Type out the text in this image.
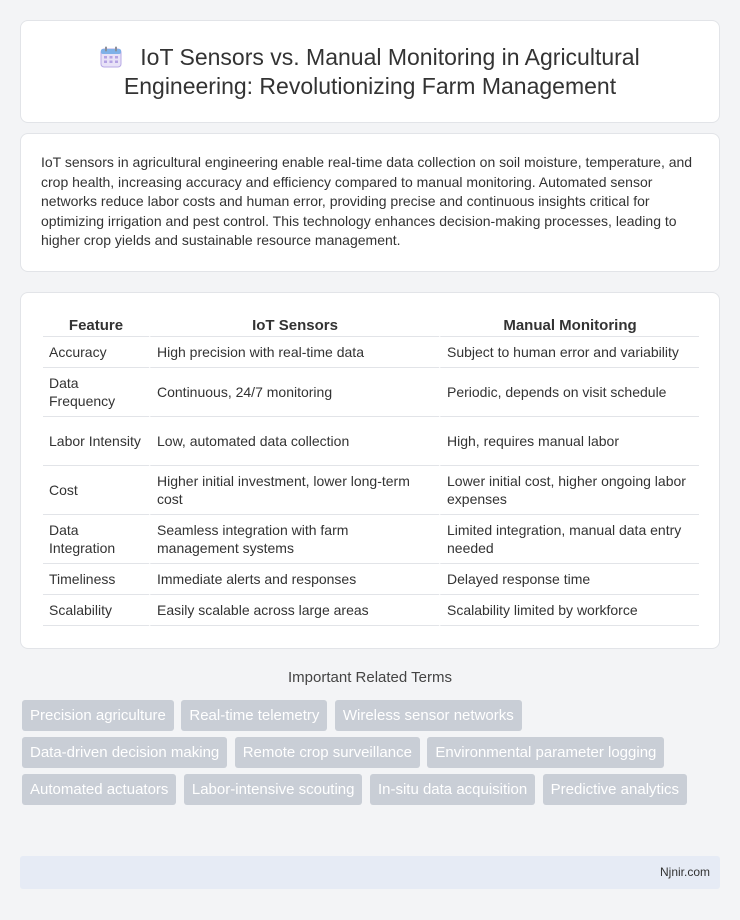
IoT Sensors vs. Manual Monitoring in Agricultural Engineering: Revolutionizing Farm Management

IoT sensors in agricultural engineering enable real-time data collection on soil moisture, temperature, and crop health, increasing accuracy and efficiency compared to manual monitoring. Automated sensor networks reduce labor costs and human error, providing precise and continuous insights critical for optimizing irrigation and pest control. This technology enhances decision-making processes, leading to higher crop yields and sustainable resource management.

Feature	IoT Sensors	Manual Monitoring
Accuracy	High precision with real-time data	Subject to human error and variability
Data Frequency	Continuous, 24/7 monitoring	Periodic, depends on visit schedule
Labor Intensity	Low, automated data collection	High, requires manual labor
Cost	Higher initial investment, lower long-term cost	Lower initial cost, higher ongoing labor expenses
Data Integration	Seamless integration with farm management systems	Limited integration, manual data entry needed
Timeliness	Immediate alerts and responses	Delayed response time
Scalability	Easily scalable across large areas	Scalability limited by workforce
Important Related Terms
Precision agriculture Real-time telemetry Wireless sensor networks Data-driven decision making Remote crop surveillance Environmental parameter logging Automated actuators Labor-intensive scouting In-situ data acquisition Predictive analytics
Njnir.com
